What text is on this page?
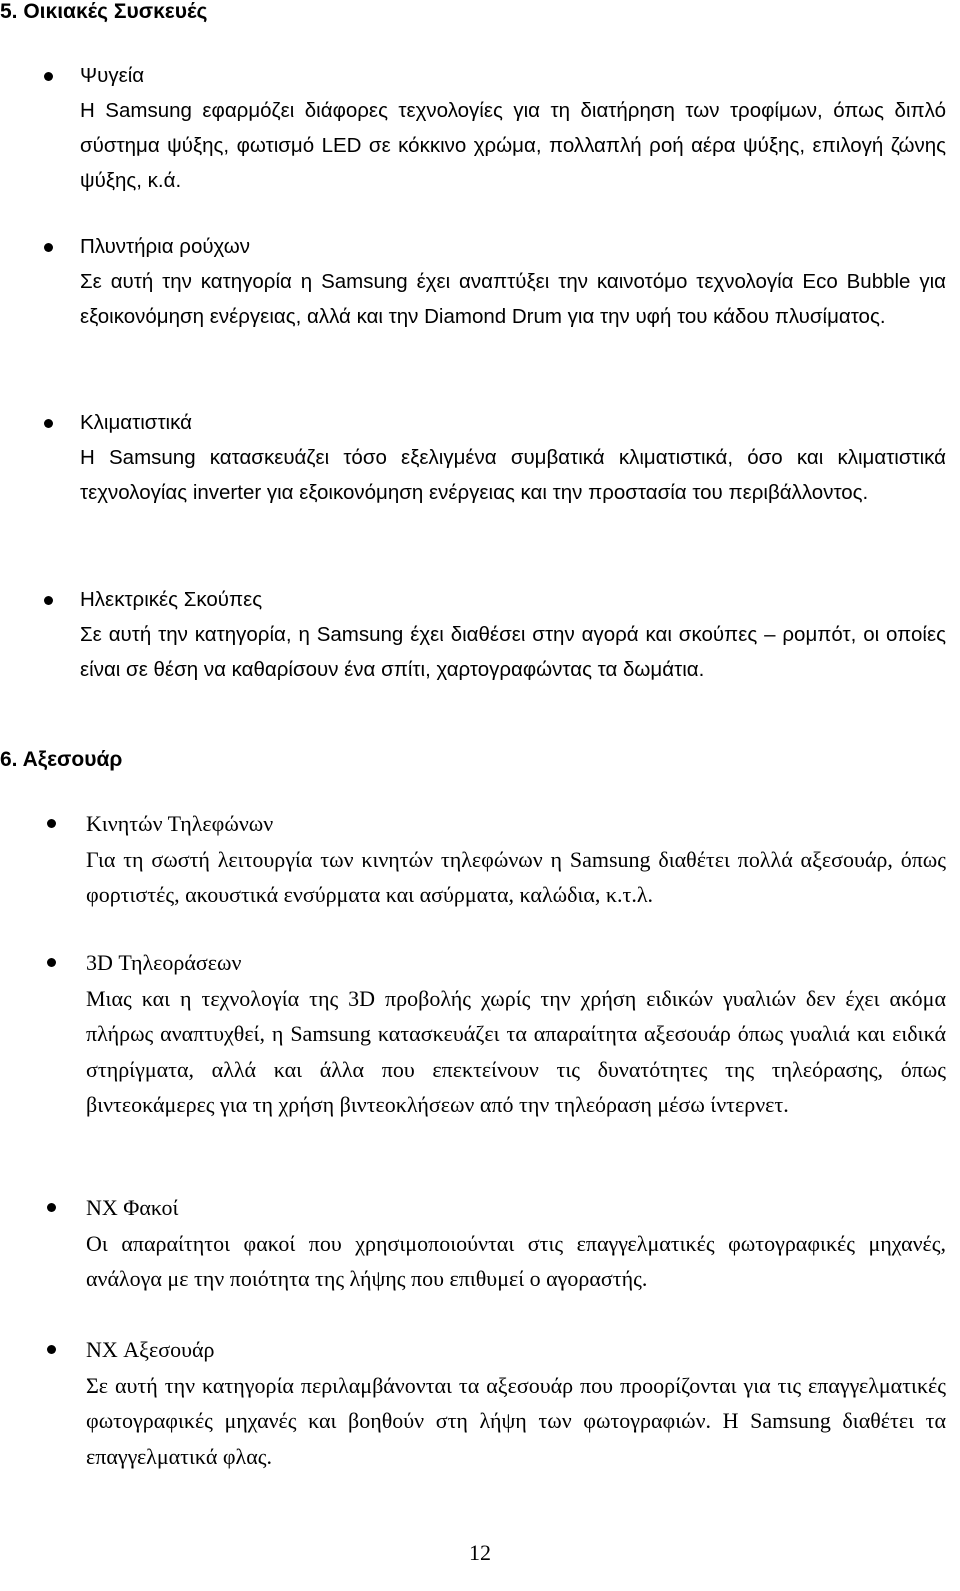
5. Οικιακές Συσκευές

Ψυγεία

Η Samsung εφαρμόζει διάφορες τεχνολογίες για τη διατήρηση των τροφίμων, όπως διπλό σύστημα ψύξης, φωτισμό LED σε κόκκινο χρώμα, πολλαπλή ροή αέρα ψύξης, επιλογή ζώνης ψύξης, κ.ά.

Πλυντήρια ρούχων

Σε αυτή την κατηγορία η Samsung έχει αναπτύξει την καινοτόμο τεχνολογία Eco Bubble για εξοικονόμηση ενέργειας, αλλά και την Diamond Drum για την υφή του κάδου πλυσίματος.

Κλιματιστικά

Η Samsung κατασκευάζει τόσο εξελιγμένα συμβατικά κλιματιστικά, όσο και κλιματιστικά τεχνολογίας inverter για εξοικονόμηση ενέργειας και την προστασία του περιβάλλοντος.

Ηλεκτρικές Σκούπες

Σε αυτή την κατηγορία, η Samsung έχει διαθέσει στην αγορά και σκούπες – ρομπότ, οι οποίες είναι σε θέση να καθαρίσουν ένα σπίτι, χαρτογραφώντας τα δωμάτια.

6. Αξεσουάρ

Κινητών Τηλεφώνων

Για τη σωστή λειτουργία των κινητών τηλεφώνων η Samsung διαθέτει πολλά αξεσουάρ, όπως φορτιστές, ακουστικά ενσύρματα και ασύρματα, καλώδια, κ.τ.λ.

3D Τηλεοράσεων

Μιας και η τεχνολογία της 3D προβολής χωρίς την χρήση ειδικών γυαλιών δεν έχει ακόμα πλήρως αναπτυχθεί, η Samsung κατασκευάζει τα απαραίτητα αξεσουάρ όπως γυαλιά και ειδικά στηρίγματα, αλλά και άλλα που επεκτείνουν τις δυνατότητες της τηλεόρασης, όπως βιντεοκάμερες για τη χρήση βιντεοκλήσεων από την τηλεόραση μέσω ίντερνετ.

NX Φακοί

Οι απαραίτητοι φακοί που χρησιμοποιούνται στις επαγγελματικές φωτογραφικές μηχανές, ανάλογα με την ποιότητα της λήψης που επιθυμεί ο αγοραστής.

NX Αξεσουάρ

Σε αυτή την κατηγορία περιλαμβάνονται τα αξεσουάρ που προορίζονται για τις επαγγελματικές φωτογραφικές μηχανές και βοηθούν στη λήψη των φωτογραφιών. Η Samsung διαθέτει τα επαγγελματικά φλας.

12
